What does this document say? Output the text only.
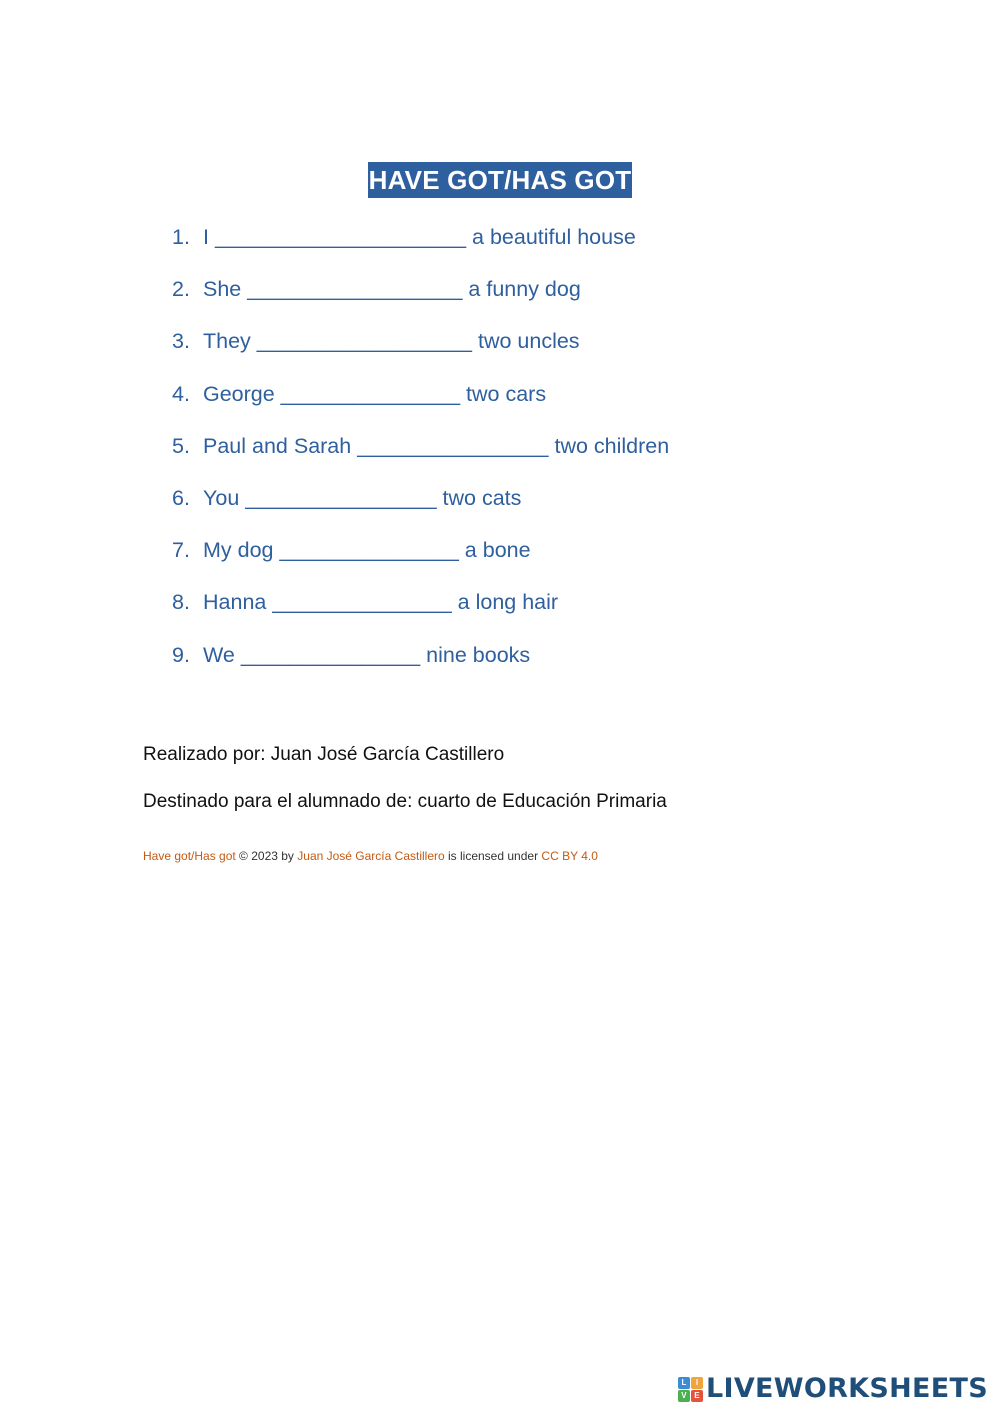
HAVE GOT/HAS GOT
1. I _____________________ a beautiful house
2. She __________________ a funny dog
3. They __________________ two uncles
4. George _______________ two cars
5. Paul and Sarah ________________ two children
6. You ________________ two cats
7. My dog _______________ a bone
8. Hanna _______________ a long hair
9. We _______________ nine books
Realizado por: Juan José García Castillero
Destinado para el alumnado de: cuarto de Educación Primaria
Have got/Has got © 2023 by Juan José García Castillero is licensed under CC BY 4.0
L	I
V E LIVEWORKSHEETS
